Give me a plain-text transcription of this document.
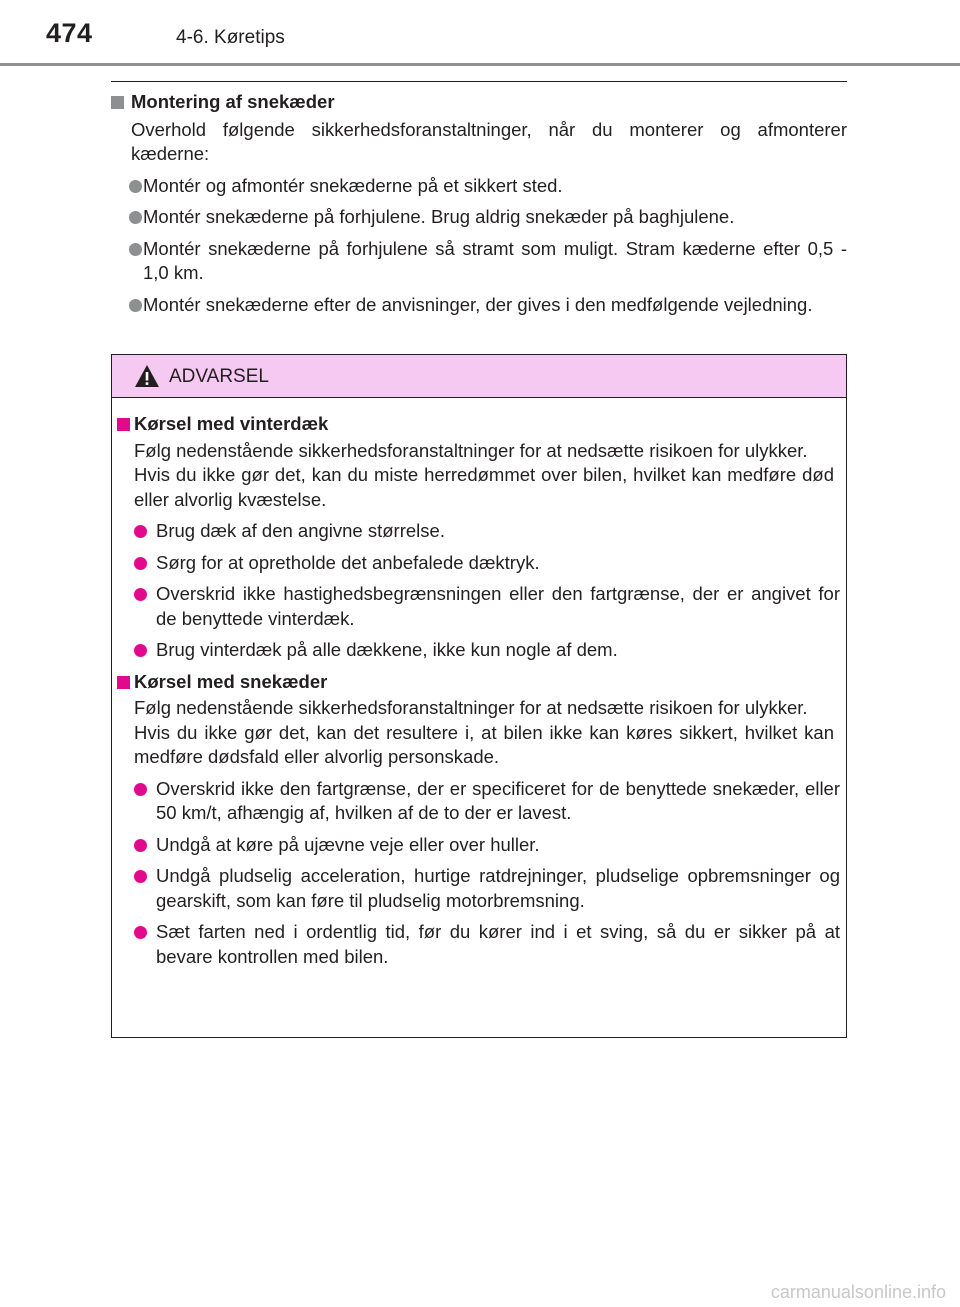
474	4-6. Køretips
Montering af snekæder
Overhold følgende sikkerhedsforanstaltninger, når du monterer og afmonterer kæderne:
Montér og afmontér snekæderne på et sikkert sted.
Montér snekæderne på forhjulene. Brug aldrig snekæder på baghjulene.
Montér snekæderne på forhjulene så stramt som muligt. Stram kæderne efter 0,5 - 1,0 km.
Montér snekæderne efter de anvisninger, der gives i den medfølgende vejledning.
ADVARSEL
Kørsel med vinterdæk
Følg nedenstående sikkerhedsforanstaltninger for at nedsætte risikoen for ulykker.
Hvis du ikke gør det, kan du miste herredømmet over bilen, hvilket kan medføre død eller alvorlig kvæstelse.
Brug dæk af den angivne størrelse.
Sørg for at opretholde det anbefalede dæktryk.
Overskrid ikke hastighedsbegrænsningen eller den fartgrænse, der er angivet for de benyttede vinterdæk.
Brug vinterdæk på alle dækkene, ikke kun nogle af dem.
Kørsel med snekæder
Følg nedenstående sikkerhedsforanstaltninger for at nedsætte risikoen for ulykker.
Hvis du ikke gør det, kan det resultere i, at bilen ikke kan køres sikkert, hvilket kan medføre dødsfald eller alvorlig personskade.
Overskrid ikke den fartgrænse, der er specificeret for de benyttede snekæder, eller 50 km/t, afhængig af, hvilken af de to der er lavest.
Undgå at køre på ujævne veje eller over huller.
Undgå pludselig acceleration, hurtige ratdrejninger, pludselige opbremsninger og gearskift, som kan føre til pludselig motorbremsning.
Sæt farten ned i ordentlig tid, før du kører ind i et sving, så du er sikker på at bevare kontrollen med bilen.
carmanualsonline.info
